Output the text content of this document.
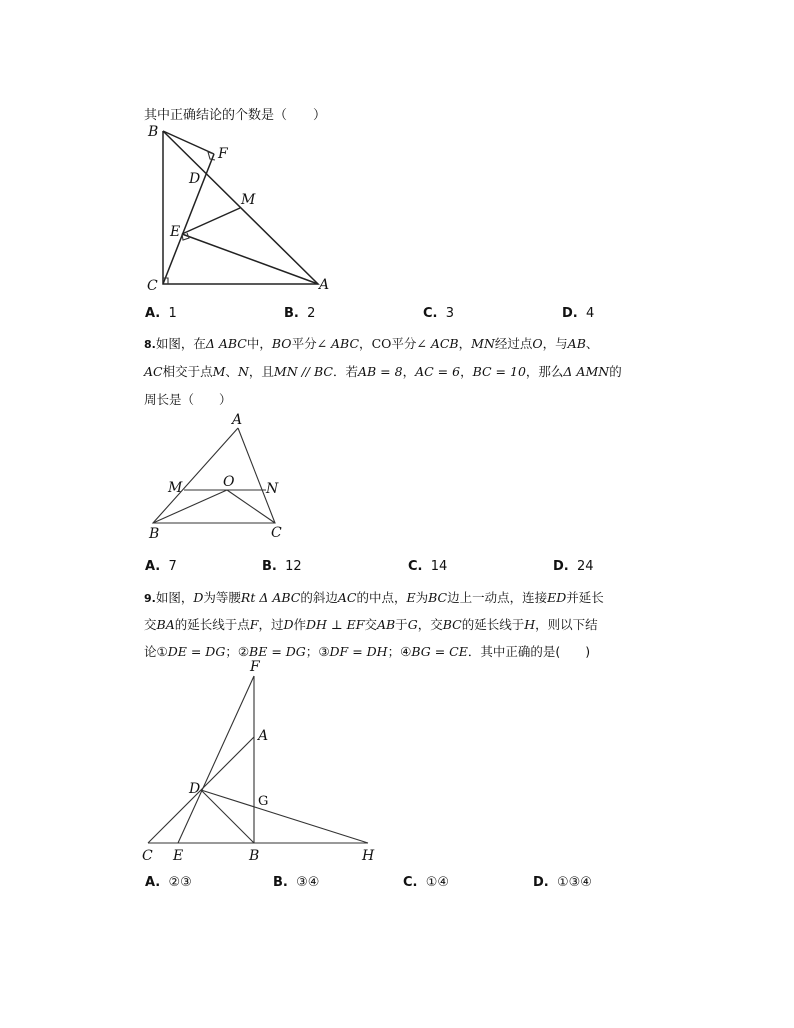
其中正确结论的个数是（　　）
B
F
D
M
E
C	A
A. 1	B. 2	C. 3	D. 4
8.如图，在Δ ABC中，BO平分∠ ABC，CO平分∠ ACB，MN经过点O，与AB、
AC相交于点M、N，且MN // BC．若AB = 8，AC = 6，BC = 10，那么Δ AMN的
周长是（　　）
A
M	O N
B	C
A. 7	B. 12	C. 14	D. 24
9.如图，D为等腰Rt Δ ABC的斜边AC的中点，E为BC边上一动点，连接ED并延长
交BA的延长线于点F，过D作DH ⊥ EF交AB于G，交BC的延长线于H，则以下结
论①DE = DG；②BE = DG；③DF = DH；④BG = CE．其中正确的是(　　)
F
A
D
G
C E	B	H
A. ②③	B. ③④	C. ①④	D. ①③④
